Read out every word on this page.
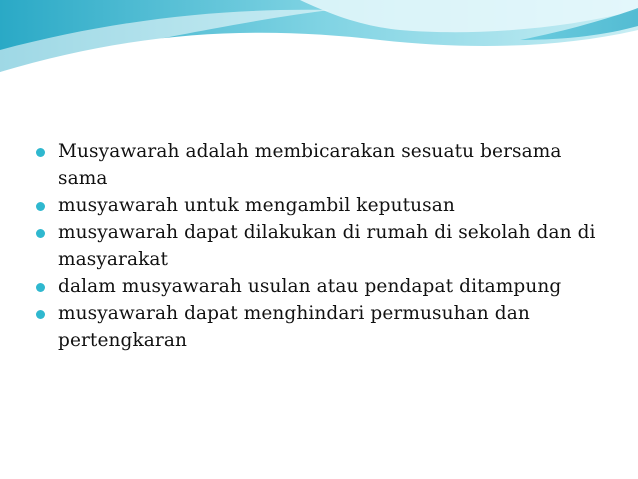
Musyawarah adalah membicarakan sesuatu bersama sama
musyawarah untuk mengambil keputusan
musyawarah dapat dilakukan di rumah di sekolah dan di masyarakat
dalam musyawarah usulan atau pendapat ditampung
musyawarah dapat menghindari permusuhan dan pertengkaran
